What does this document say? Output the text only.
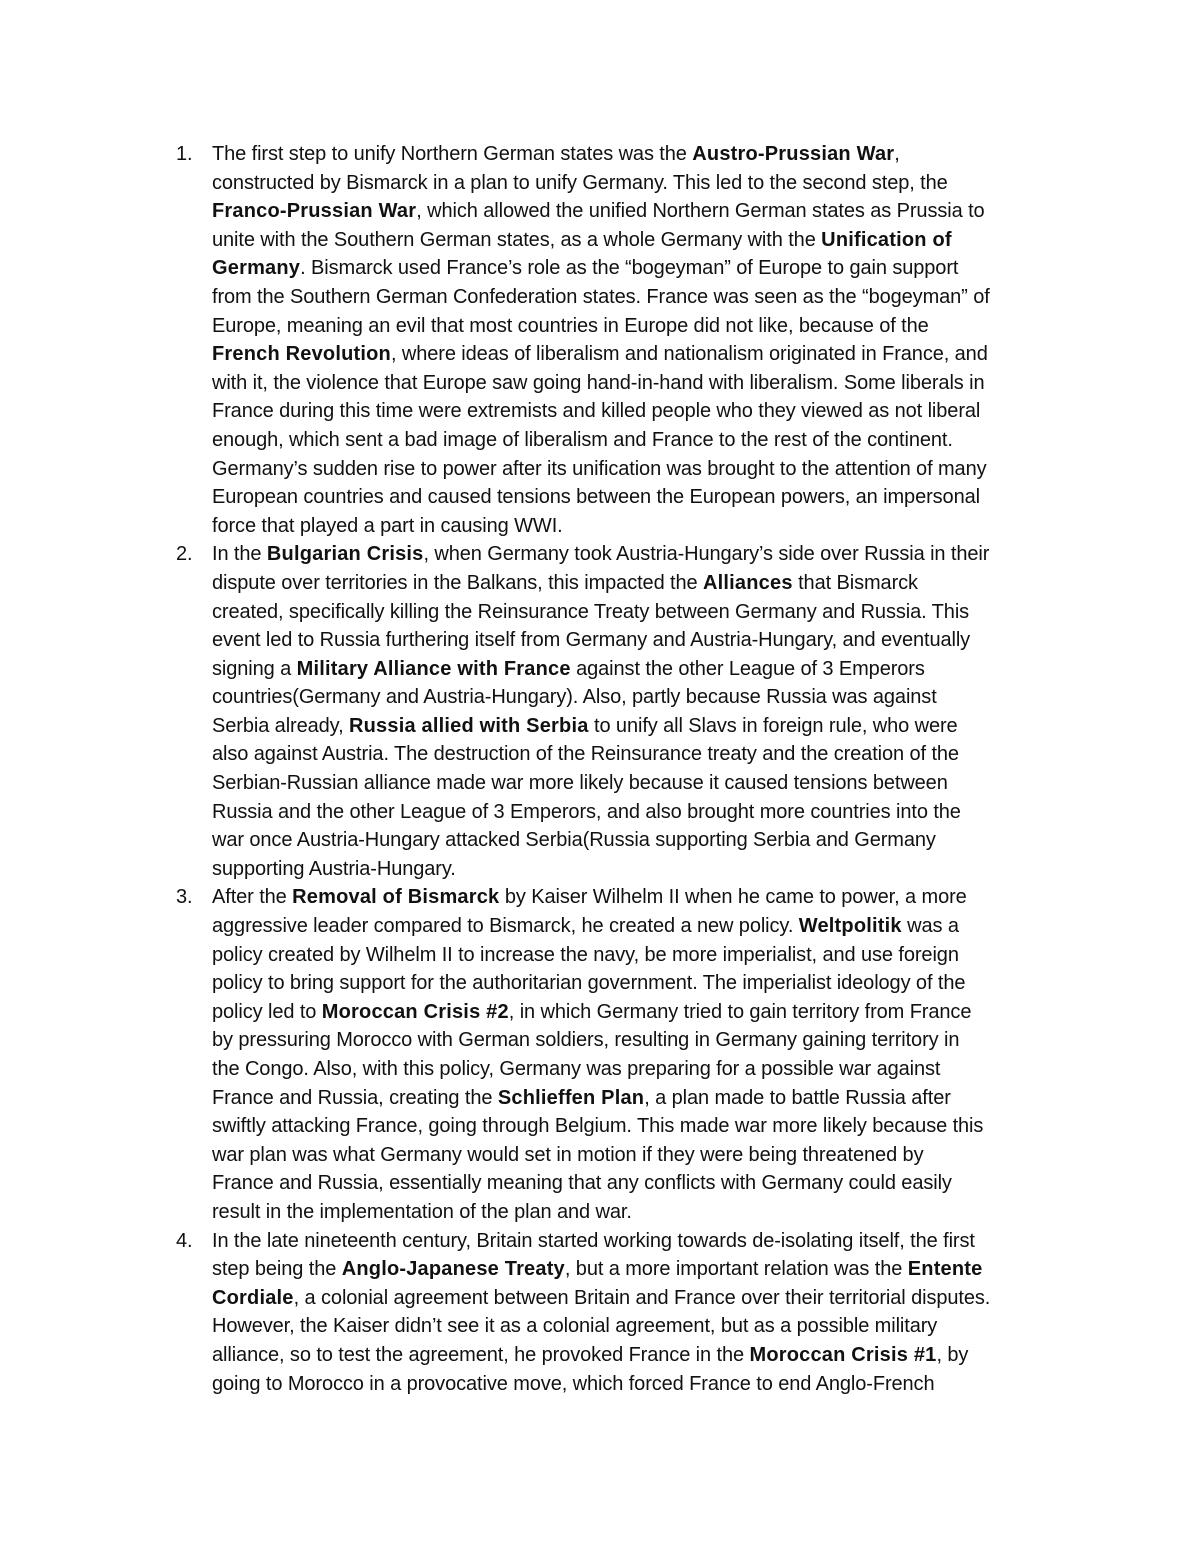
1. The first step to unify Northern German states was the Austro-Prussian War,
constructed by Bismarck in a plan to unify Germany. This led to the second step, the
Franco-Prussian War, which allowed the unified Northern German states as Prussia to
unite with the Southern German states, as a whole Germany with the Unification of
Germany. Bismarck used France’s role as the “bogeyman” of Europe to gain support
from the Southern German Confederation states. France was seen as the “bogeyman” of
Europe, meaning an evil that most countries in Europe did not like, because of the
French Revolution, where ideas of liberalism and nationalism originated in France, and
with it, the violence that Europe saw going hand-in-hand with liberalism. Some liberals in
France during this time were extremists and killed people who they viewed as not liberal
enough, which sent a bad image of liberalism and France to the rest of the continent.
Germany’s sudden rise to power after its unification was brought to the attention of many
European countries and caused tensions between the European powers, an impersonal
force that played a part in causing WWI.
2. In the Bulgarian Crisis, when Germany took Austria-Hungary’s side over Russia in their
dispute over territories in the Balkans, this impacted the Alliances that Bismarck
created, specifically killing the Reinsurance Treaty between Germany and Russia. This
event led to Russia furthering itself from Germany and Austria-Hungary, and eventually
signing a Military Alliance with France against the other League of 3 Emperors
countries(Germany and Austria-Hungary). Also, partly because Russia was against
Serbia already, Russia allied with Serbia to unify all Slavs in foreign rule, who were
also against Austria. The destruction of the Reinsurance treaty and the creation of the
Serbian-Russian alliance made war more likely because it caused tensions between
Russia and the other League of 3 Emperors, and also brought more countries into the
war once Austria-Hungary attacked Serbia(Russia supporting Serbia and Germany
supporting Austria-Hungary.
3. After the Removal of Bismarck by Kaiser Wilhelm II when he came to power, a more
aggressive leader compared to Bismarck, he created a new policy. Weltpolitik was a
policy created by Wilhelm II to increase the navy, be more imperialist, and use foreign
policy to bring support for the authoritarian government. The imperialist ideology of the
policy led to Moroccan Crisis #2, in which Germany tried to gain territory from France
by pressuring Morocco with German soldiers, resulting in Germany gaining territory in
the Congo. Also, with this policy, Germany was preparing for a possible war against
France and Russia, creating the Schlieffen Plan, a plan made to battle Russia after
swiftly attacking France, going through Belgium. This made war more likely because this
war plan was what Germany would set in motion if they were being threatened by
France and Russia, essentially meaning that any conflicts with Germany could easily
result in the implementation of the plan and war.
4. In the late nineteenth century, Britain started working towards de-isolating itself, the first
step being the Anglo-Japanese Treaty, but a more important relation was the Entente
Cordiale, a colonial agreement between Britain and France over their territorial disputes.
However, the Kaiser didn’t see it as a colonial agreement, but as a possible military
alliance, so to test the agreement, he provoked France in the Moroccan Crisis #1, by
going to Morocco in a provocative move, which forced France to end Anglo-French
